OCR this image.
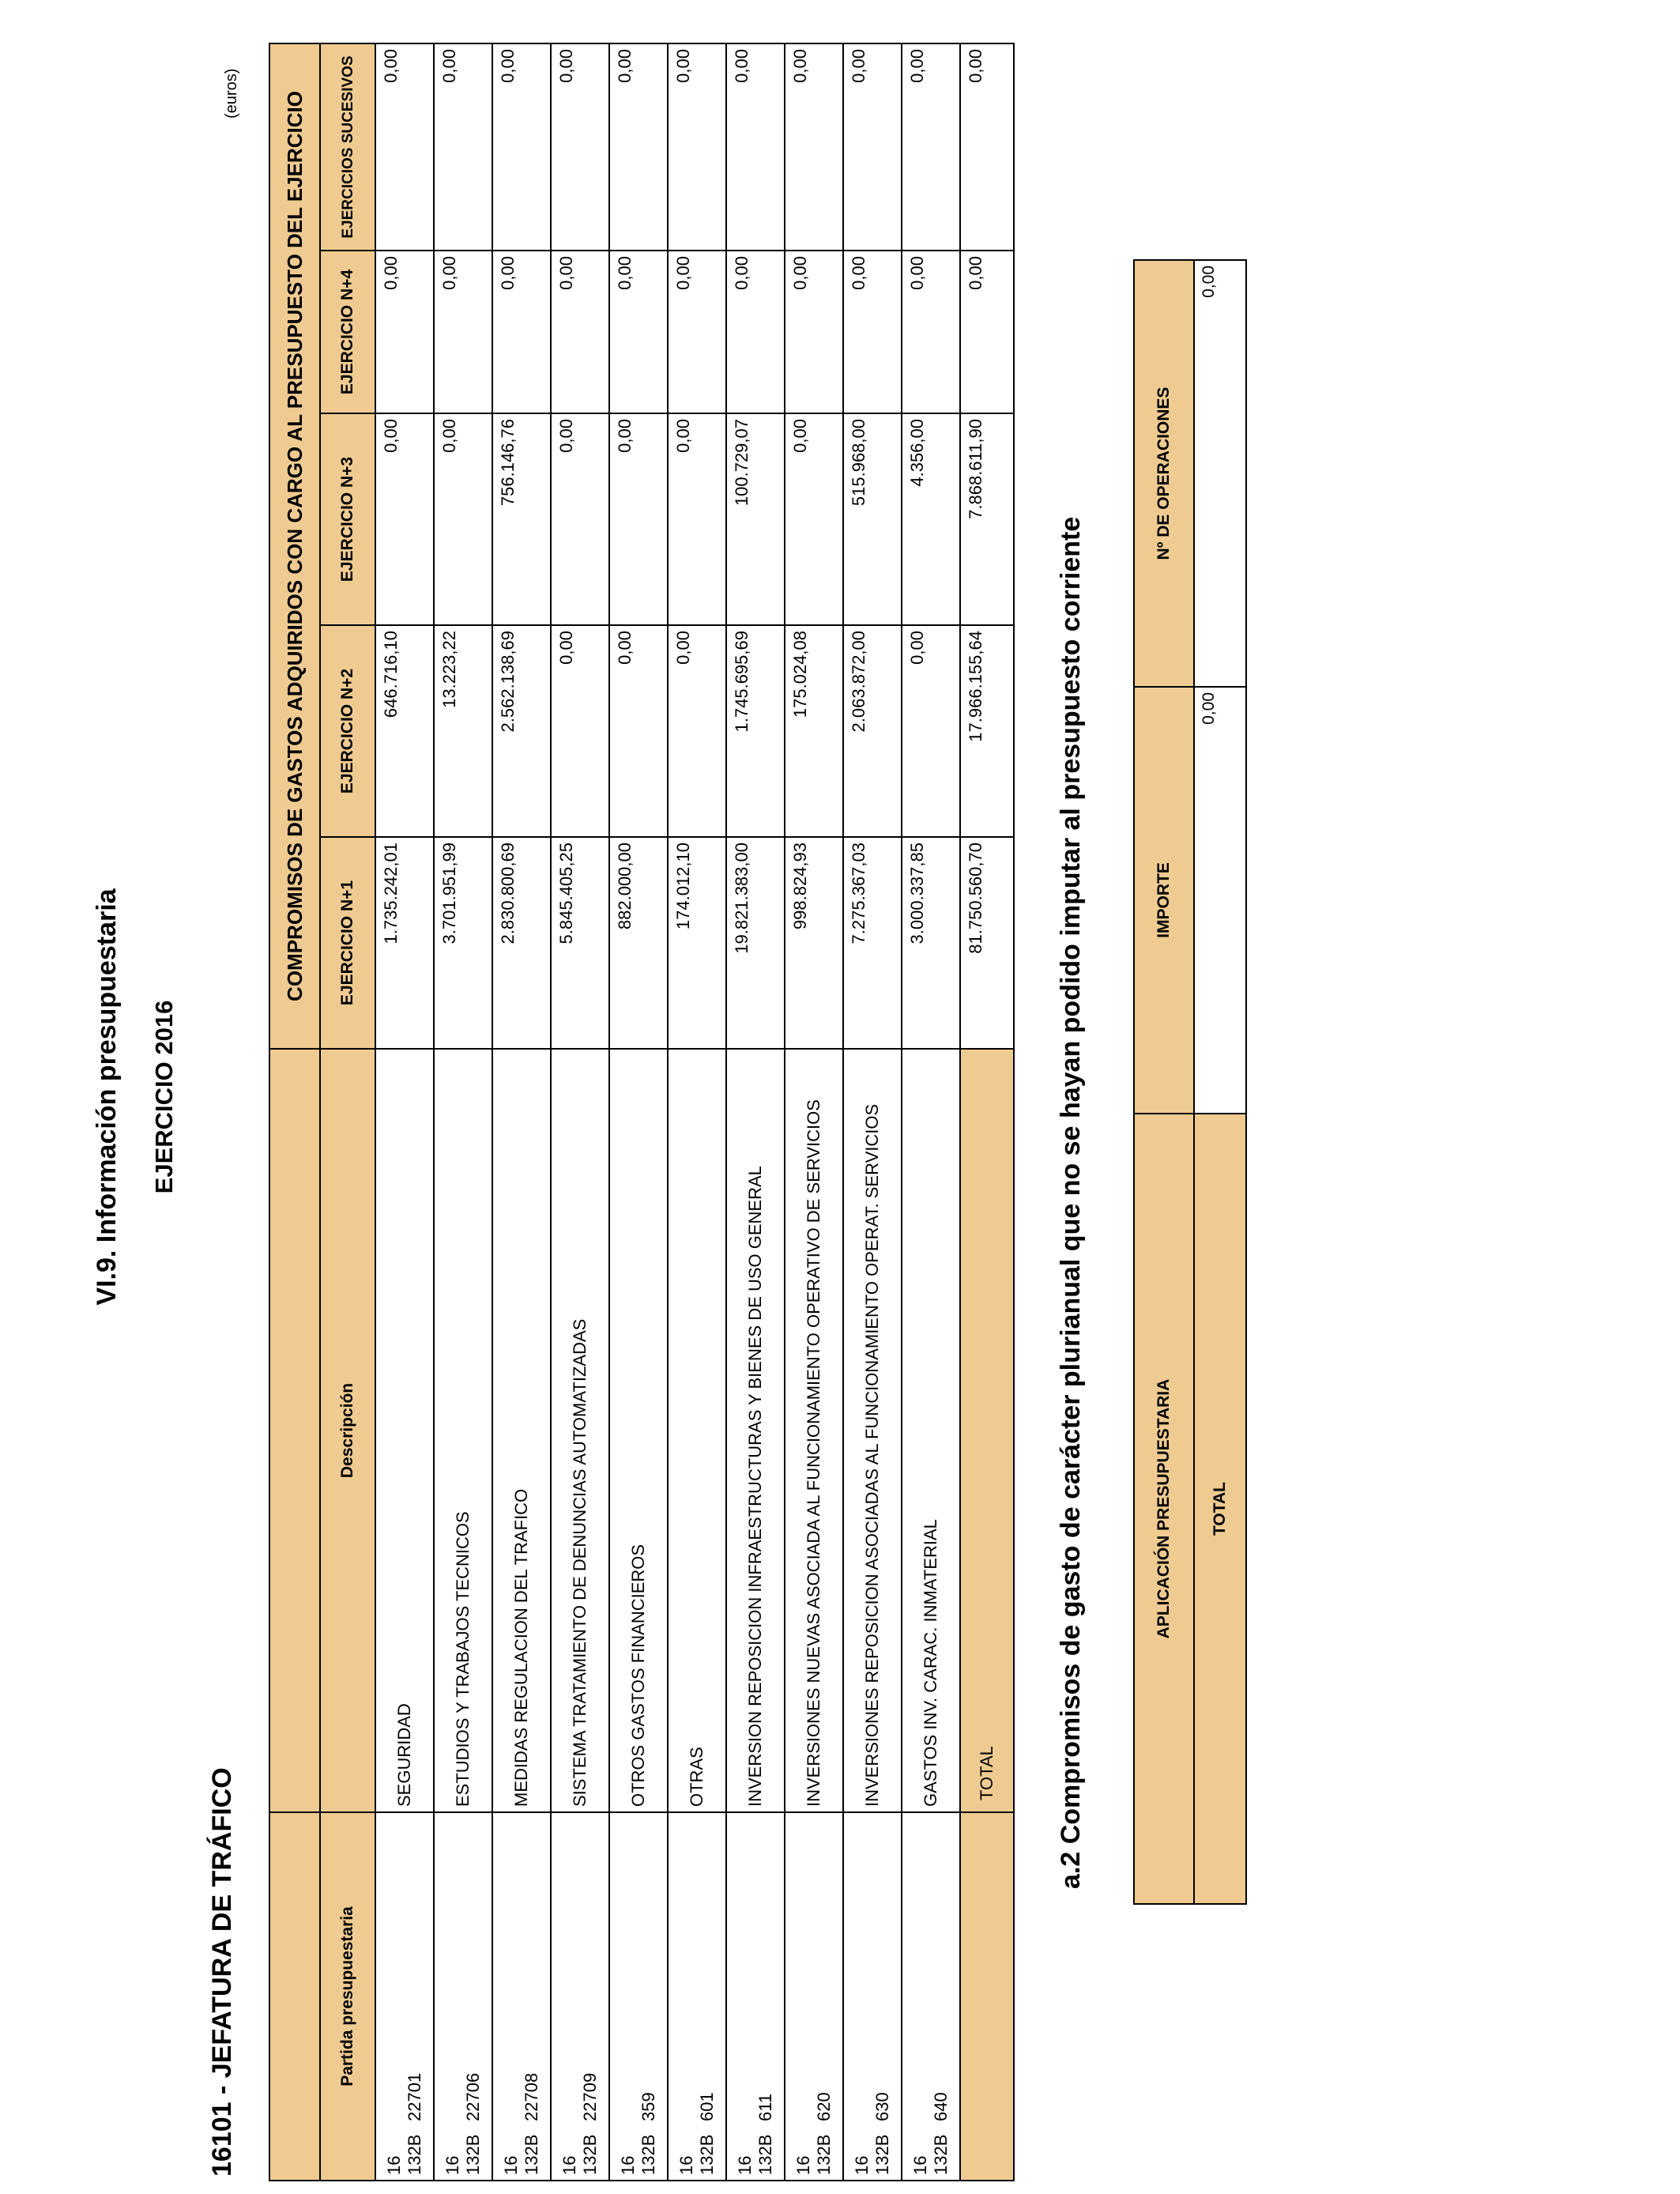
VI.9. Información presupuestaria EJERCICIO 2016
16101 - JEFATURA DE TRÁFICO
(euros)
		COMPROMISOS DE GASTOS ADQUIRIDOS CON CARGO AL PRESUPUESTO DEL EJERCICIO				
Partida presupuestaria	Descripción	EJERCICIO N+1	EJERCICIO N+2	EJERCICIO N+3	EJERCICIO N+4	EJERCICIOS SUCESIVOS
16 132B22701	SEGURIDAD	1.735.242,01	646.716,10	0,00	0,00	0,00
16 132B22706	ESTUDIOS Y TRABAJOS TECNICOS	3.701.951,99	13.223,22	0,00	0,00	0,00
16 132B22708	MEDIDAS REGULACION DEL TRAFICO	2.830.800,69	2.562.138,69	756.146,76	0,00	0,00
16 132B22709	SISTEMA TRATAMIENTO DE DENUNCIAS AUTOMATIZADAS	5.845.405,25	0,00	0,00	0,00	0,00
16 132B359	OTROS GASTOS FINANCIEROS	882.000,00	0,00	0,00	0,00	0,00
16 132B601	OTRAS	174.012,10	0,00	0,00	0,00	0,00
16 132B611	INVERSION REPOSICION INFRAESTRUCTURAS Y BIENES DE USO GENERAL	19.821.383,00	1.745.695,69	100.729,07	0,00	0,00
16 132B620	INVERSIONES NUEVAS ASOCIADA AL FUNCIONAMIENTO OPERATIVO DE SERVICIOS	998.824,93	175.024,08	0,00	0,00	0,00
16 132B630	INVERSIONES REPOSICION ASOCIADAS AL FUNCIONAMIENTO OPERAT. SERVICIOS	7.275.367,03	2.063.872,00	515.968,00	0,00	0,00
16 132B640	GASTOS INV. CARAC. INMATERIAL	3.000.337,85	0,00	4.356,00	0,00	0,00
	TOTAL	81.750.560,70	17.966.155,64	7.868.611,90	0,00	0,00
a.2 Compromisos de gasto de carácter plurianual que no se hayan podido imputar al presupuesto corriente	APLICACIÓN PRESUPUESTARIA	IMPORTE	Nº DE OPERACIONES
TOTAL	0,00	0,00
